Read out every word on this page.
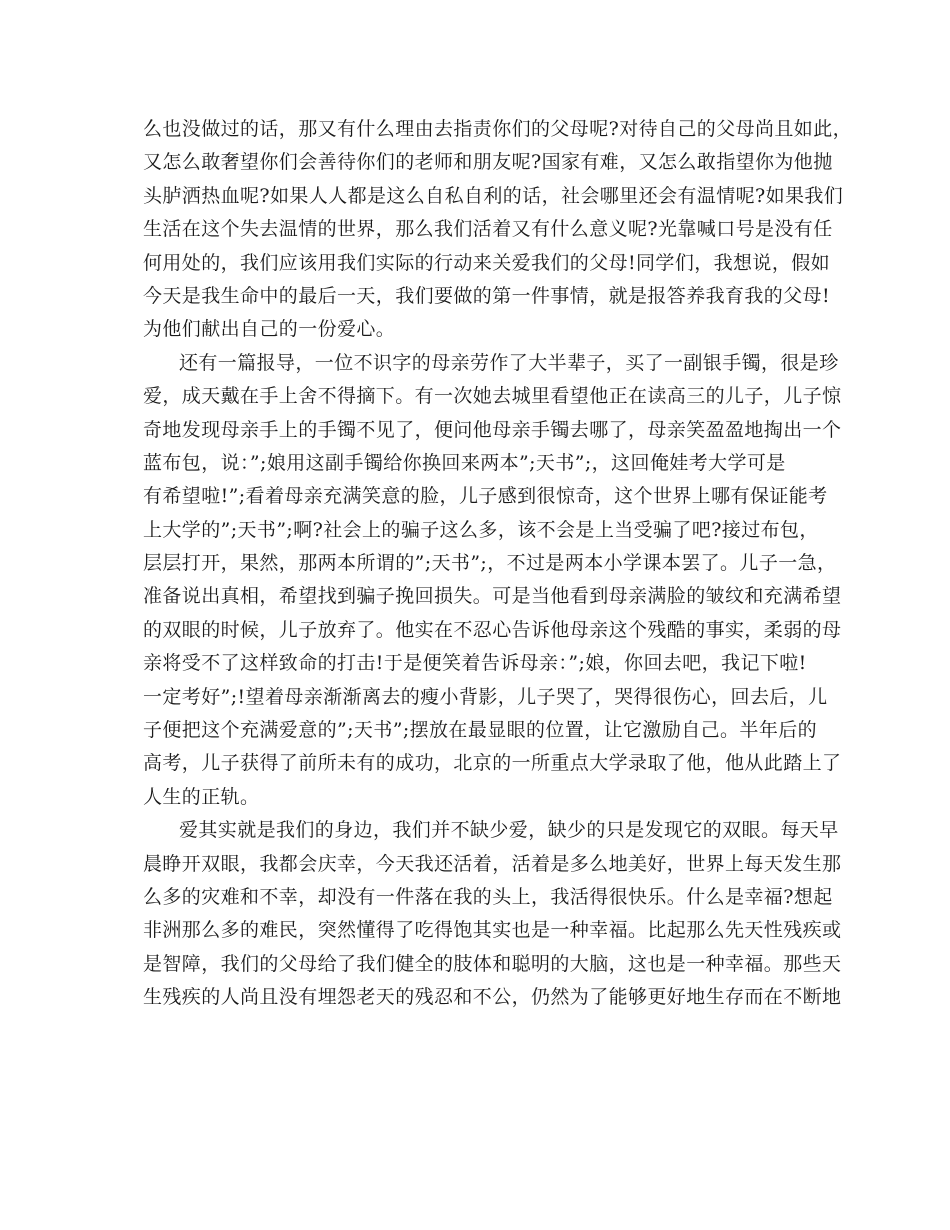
么也没做过的话，那又有什么理由去指责你们的父母呢?对待自己的父母尚且如此，
又怎么敢奢望你们会善待你们的老师和朋友呢?国家有难，又怎么敢指望你为他抛
头胪洒热血呢?如果人人都是这么自私自利的话，社会哪里还会有温情呢?如果我们
生活在这个失去温情的世界，那么我们活着又有什么意义呢?光靠喊口号是没有任
何用处的，我们应该用我们实际的行动来关爱我们的父母!同学们，我想说，假如
今天是我生命中的最后一天，我们要做的第一件事情，就是报答养我育我的父母!
为他们献出自己的一份爱心。
还有一篇报导，一位不识字的母亲劳作了大半辈子，买了一副银手镯，很是珍
爱，成天戴在手上舍不得摘下。有一次她去城里看望他正在读高三的儿子，儿子惊
奇地发现母亲手上的手镯不见了，便问他母亲手镯去哪了，母亲笑盈盈地掏出一个
蓝布包，说：”;娘用这副手镯给你换回来两本”;天书”;，这回俺娃考大学可是
有希望啦!”;看着母亲充满笑意的脸，儿子感到很惊奇，这个世界上哪有保证能考
上大学的”;天书”;啊?社会上的骗子这么多，该不会是上当受骗了吧?接过布包，
层层打开，果然，那两本所谓的”;天书”;，不过是两本小学课本罢了。儿子一急，
准备说出真相，希望找到骗子挽回损失。可是当他看到母亲满脸的皱纹和充满希望
的双眼的时候，儿子放弃了。他实在不忍心告诉他母亲这个残酷的事实，柔弱的母
亲将受不了这样致命的打击!于是便笑着告诉母亲：”;娘，你回去吧，我记下啦!
一定考好”;!望着母亲渐渐离去的瘦小背影，儿子哭了，哭得很伤心，回去后，儿
子便把这个充满爱意的”;天书”;摆放在最显眼的位置，让它激励自己。半年后的
高考，儿子获得了前所未有的成功，北京的一所重点大学录取了他，他从此踏上了
人生的正轨。
爱其实就是我们的身边，我们并不缺少爱，缺少的只是发现它的双眼。每天早
晨睁开双眼，我都会庆幸，今天我还活着，活着是多么地美好，世界上每天发生那
么多的灾难和不幸，却没有一件落在我的头上，我活得很快乐。什么是幸福?想起
非洲那么多的难民，突然懂得了吃得饱其实也是一种幸福。比起那么先天性残疾或
是智障，我们的父母给了我们健全的肢体和聪明的大脑，这也是一种幸福。那些天
生残疾的人尚且没有埋怨老天的残忍和不公，仍然为了能够更好地生存而在不断地
